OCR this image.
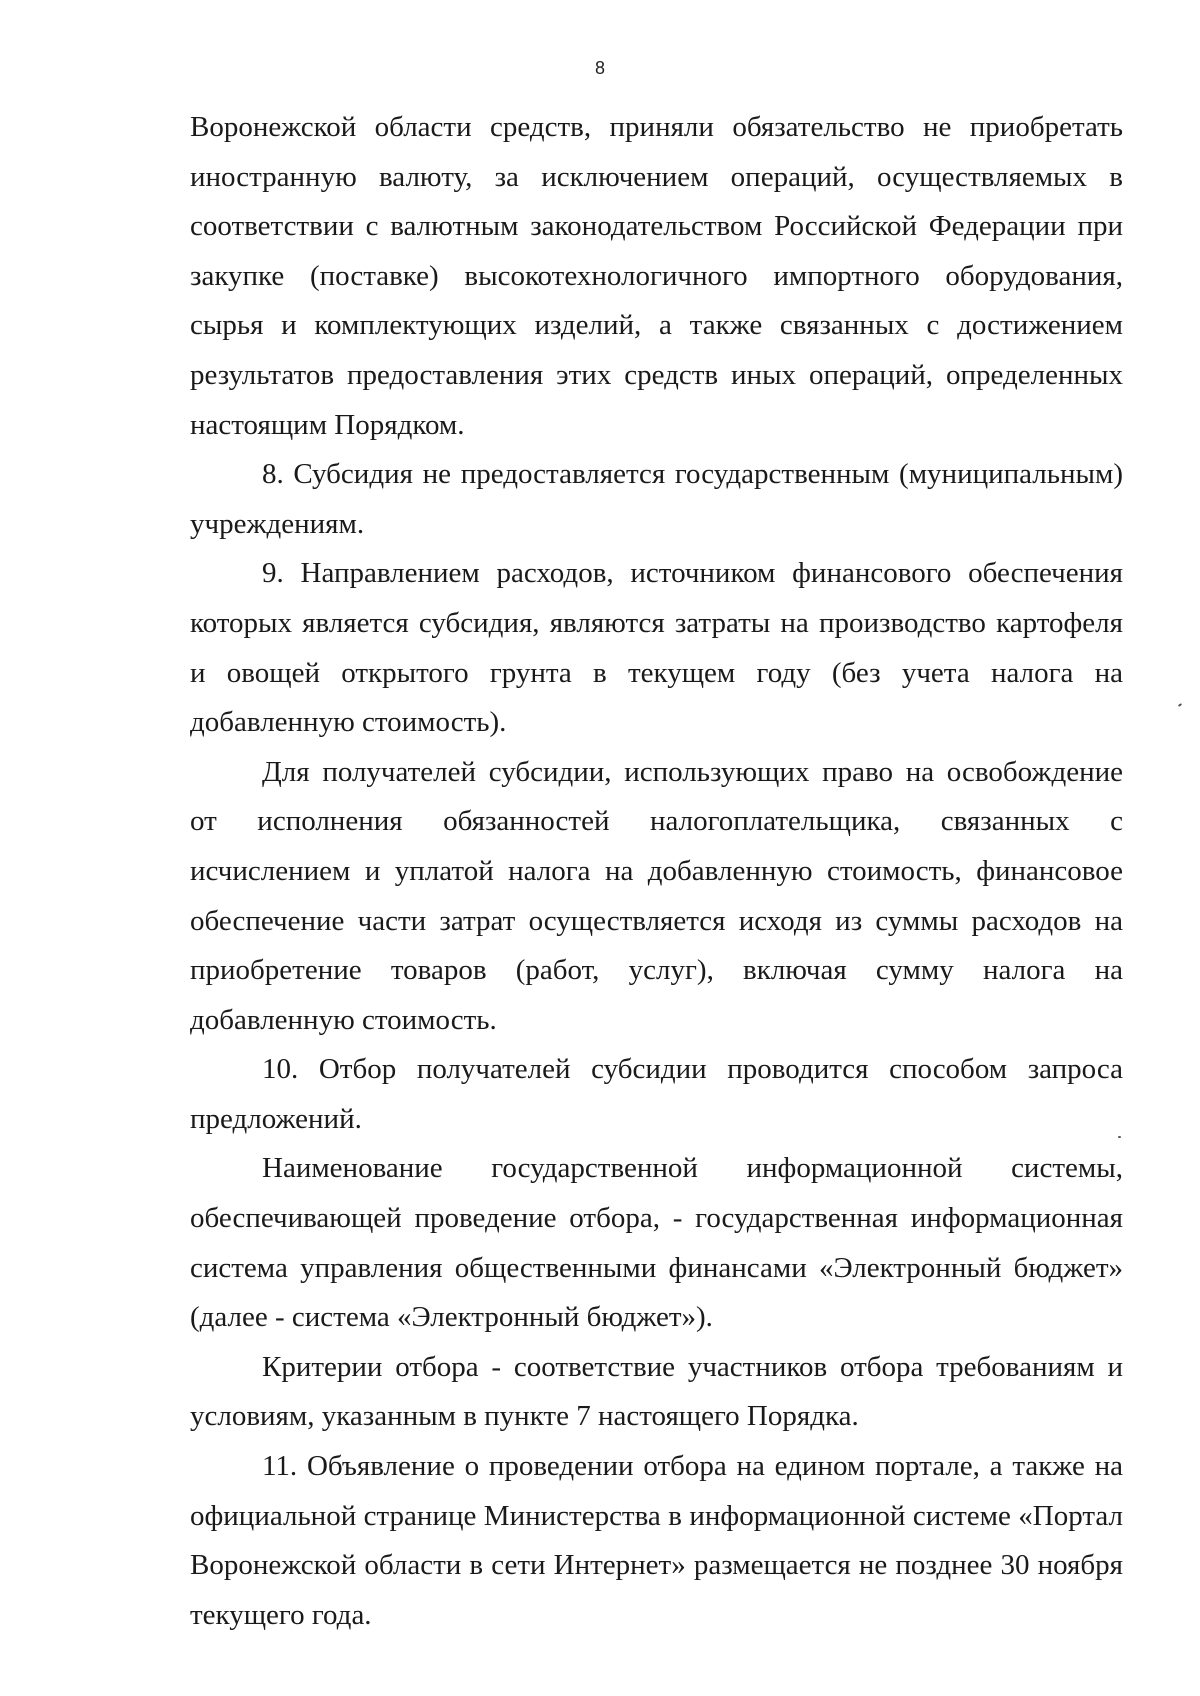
8

Воронежской области средств, приняли обязательство не приобретать иностранную валюту, за исключением операций, осуществляемых в соответствии с валютным законодательством Российской Федерации при закупке (поставке) высокотехнологичного импортного оборудования, сырья и комплектующих изделий, а также связанных с достижением результатов предоставления этих средств иных операций, определенных настоящим Порядком.

8. Субсидия не предоставляется государственным (муниципальным) учреждениям.

9. Направлением расходов, источником финансового обеспечения которых является субсидия, являются затраты на производство картофеля и овощей открытого грунта в текущем году (без учета налога на добавленную стоимость).

Для получателей субсидии, использующих право на освобождение от исполнения обязанностей налогоплательщика, связанных с исчислением и уплатой налога на добавленную стоимость, финансовое обеспечение части затрат осуществляется исходя из суммы расходов на приобретение товаров (работ, услуг), включая сумму налога на добавленную стоимость.

10. Отбор получателей субсидии проводится способом запроса предложений.

Наименование государственной информационной системы,
обеспечивающей проведение отбора, - государственная информационная система управления общественными финансами «Электронный бюджет» (далее - система «Электронный бюджет»).

Критерии отбора - соответствие участников отбора требованиям и условиям, указанным в пункте 7 настоящего Порядка.

11. Объявление о проведении отбора на едином портале, а также на официальной странице Министерства в информационной системе «Портал Воронежской области в сети Интернет» размещается не позднее 30 ноября текущего года.
